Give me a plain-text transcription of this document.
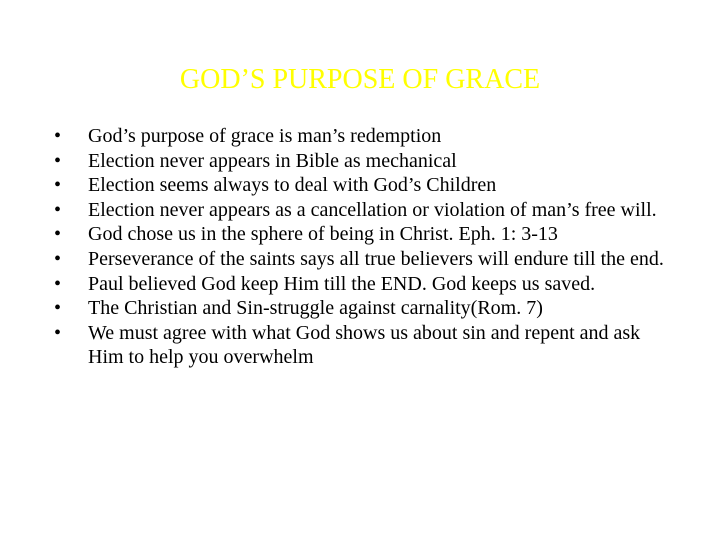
GOD’S PURPOSE OF GRACE
• God’s purpose of grace is man’s redemption
• Election never appears in Bible as mechanical
• Election seems always to deal with God’s Children
• Election never appears as a cancellation or violation of man’s free will.
• God chose us in the sphere of being in Christ. Eph. 1: 3-13
• Perseverance of the saints says all true believers will endure till the end.
• Paul believed God keep Him till the END. God keeps us saved.
• The Christian and Sin-struggle against carnality(Rom. 7)
• We must agree with what God shows us about sin and repent and ask Him to help you overwhelm
